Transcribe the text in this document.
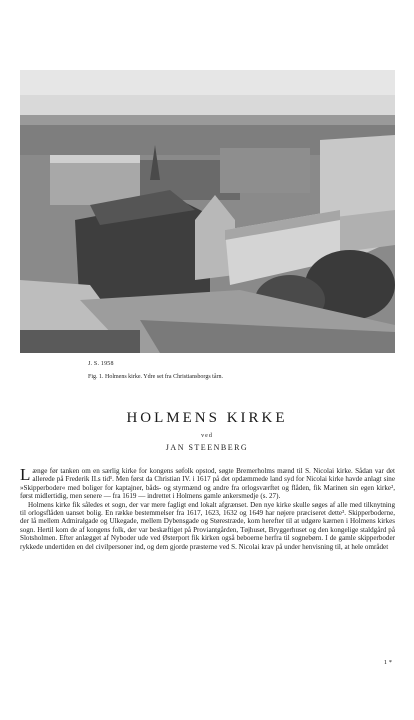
J. S. 1958
Fig. 1. Holmens kirke. Ydre set fra Christiansborgs tårn.
HOLMENS KIRKE
ved
JAN STEENBERG

Længe før tanken om en særlig kirke for kongens søfolk opstod, søgte Bremerholms mænd til S. Nicolai kirke. Sådan var det allerede på Frederik II.s tid¹. Men først da Christian IV. i 1617 på det opdæmmede land syd for Nicolai kirke havde anlagt sine »Skipperboder« med boliger for kaptajner, båds- og styrmænd og andre fra orlogsværftet og flåden, fik Marinen sin egen kirke², først midlertidig, men senere — fra 1619 — indrettet i Holmens gamle ankersmedje (s. 27).

Holmens kirke fik således et sogn, der var mere fagligt end lokalt afgrænset. Den nye kirke skulle søges af alle med tilknytning til orlogsflåden uanset bolig. En række bestemmelser fra 1617, 1623, 1632 og 1649 har nøjere præciseret dette³. Skipperboderne, der lå mellem Admiralgade og Ulkegade, mellem Dybensgade og Størestræde, kom herefter til at udgøre kærnen i Holmens kirkes sogn. Hertil kom de af kongens folk, der var beskæftiget på Proviantgården, Tøjhuset, Bryggerhuset og den kongelige staldgård på Slotsholmen. Efter anlægget af Nyboder ude ved Østerport fik kirken også beboerne herfra til sognebørn. I de gamle skipperboder rykkede undertiden en del civilpersoner ind, og dem gjorde præsterne ved S. Nicolai krav på under henvisning til, at hele området

1 *
